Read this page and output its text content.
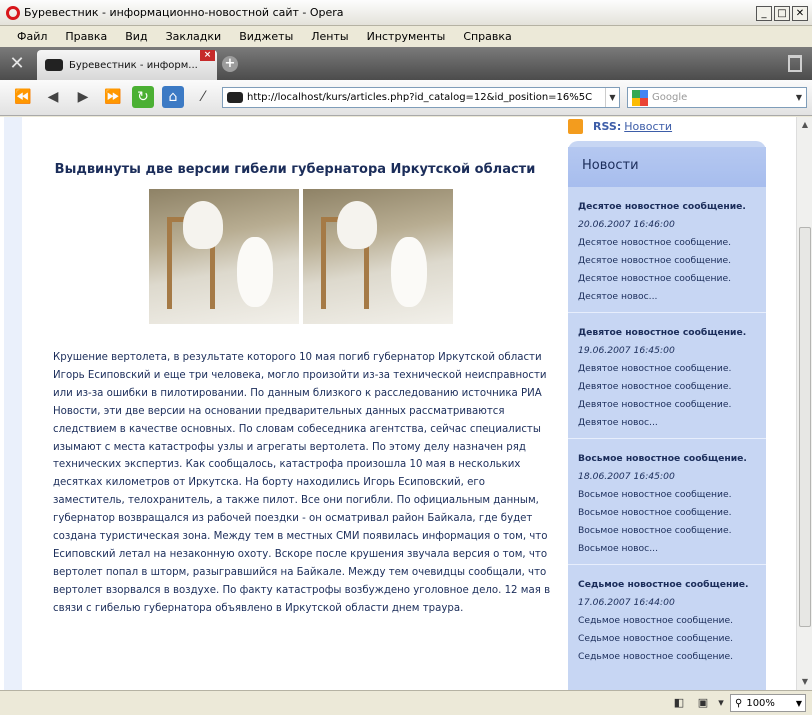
Буревестник - информационно-новостной сайт - Opera	_	□ ✕
Файл	Правка	Вид	Закладки	Виджеты	Ленты	Инструменты	Справка
✕	Буревестник - информ...
×
+
⏪	◀	▶	⏩	↻	⌂	⁄	http://localhost/kurs/articles.php?id_catalog=12&id_position=16%5C	▼	Google	▼
Выдвинуты две версии гибели губернатора Иркутской области
Крушение вертолета, в результате которого 10 мая погиб губернатор Иркутской области Игорь Есиповский и еще три человека, могло произойти из-за технической неисправности или из-за ошибки в пилотировании. По данным близкого к расследованию источника РИА Новости, эти две версии на основании предварительных данных рассматриваются следствием в качестве основных. По словам собеседника агентства, сейчас специалисты изымают с места катастрофы узлы и агрегаты вертолета. По этому делу назначен ряд технических экспертиз. Как сообщалось, катастрофа произошла 10 мая в нескольких десятках километров от Иркутска. На борту находились Игорь Есиповский, его заместитель, телохранитель, а также пилот. Все они погибли. По официальным данным, губернатор возвращался из рабочей поездки - он осматривал район Байкала, где будет создана туристическая зона. Между тем в местных СМИ появилась информация о том, что Есиповский летал на незаконную охоту. Вскоре после крушения звучала версия о том, что вертолет попал в шторм, разыгравшийся на Байкале. Между тем очевидцы сообщали, что вертолет взорвался в воздухе. По факту катастрофы возбуждено уголовное дело. 12 мая в связи с гибелью губернатора объявлено в Иркутской области днем траура.
RSS: Новости
Новости
Десятое новостное сообщение.
20.06.2007 16:46:00
Десятое новостное сообщение.
Десятое новостное сообщение.
Десятое новостное сообщение.
Десятое новос...
Девятое новостное сообщение.
19.06.2007 16:45:00
Девятое новостное сообщение.
Девятое новостное сообщение.
Девятое новостное сообщение.
Девятое новос...
Восьмое новостное сообщение.
18.06.2007 16:45:00
Восьмое новостное сообщение.
Восьмое новостное сообщение.
Восьмое новостное сообщение.
Восьмое новос...
Седьмое новостное сообщение.
17.06.2007 16:44:00
Седьмое новостное сообщение.
Седьмое новостное сообщение.
Седьмое новостное сообщение.
▲
▼
◧	▣ ▾	⚲ 100%	▼
